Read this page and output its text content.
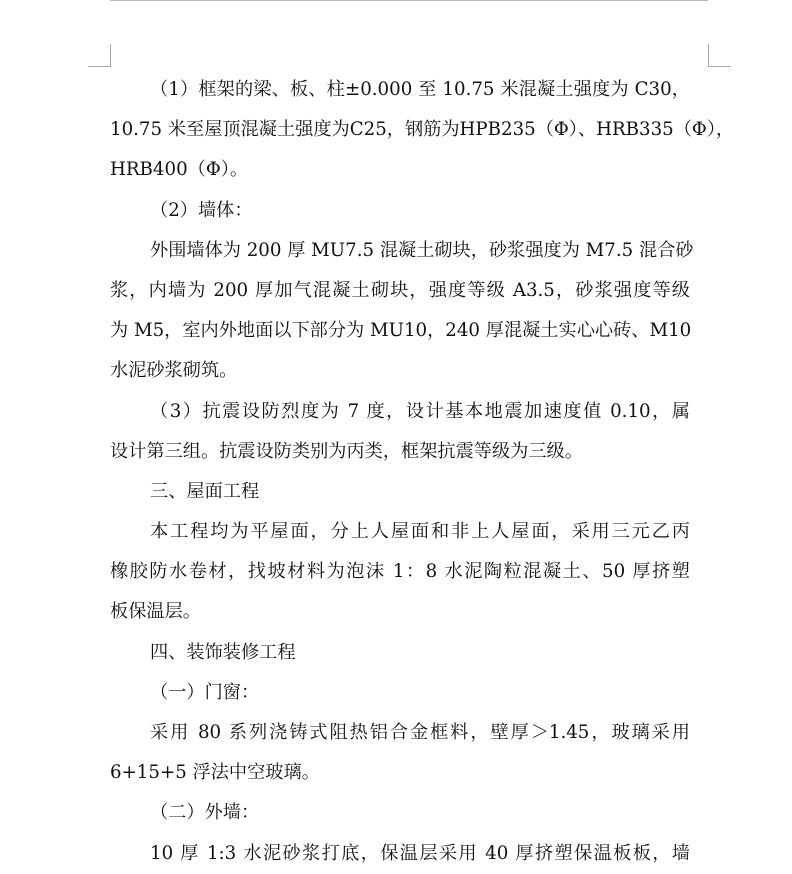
（1）框架的梁、板、柱±0.000 至 10.75 米混凝土强度为 C30，

10.75 米至屋顶混凝土强度为C25，钢筋为HPB235（Φ）、HRB335（Φ），

HRB400（Φ）。

（2）墙体：

外围墙体为 200 厚 MU7.5 混凝土砌块，砂浆强度为 M7.5 混合砂

浆，内墙为 200 厚加气混凝土砌块，强度等级 A3.5，砂浆强度等级

为 M5，室内外地面以下部分为 MU10，240 厚混凝土实心心砖、M10

水泥砂浆砌筑。

（3）抗震设防烈度为 7 度，设计基本地震加速度值 0.10，属

设计第三组。抗震设防类别为丙类，框架抗震等级为三级。

三、屋面工程

本工程均为平屋面，分上人屋面和非上人屋面，采用三元乙丙

橡胶防水卷材，找坡材料为泡沫 1：8 水泥陶粒混凝土、50 厚挤塑

板保温层。

四、装饰装修工程

（一）门窗：

采用 80 系列浇铸式阻热铝合金框料，壁厚＞1.45，玻璃采用

6+15+5 浮法中空玻璃。

（二）外墙：

10 厚 1:3 水泥砂浆打底，保温层采用 40 厚挤塑保温板板，墙
